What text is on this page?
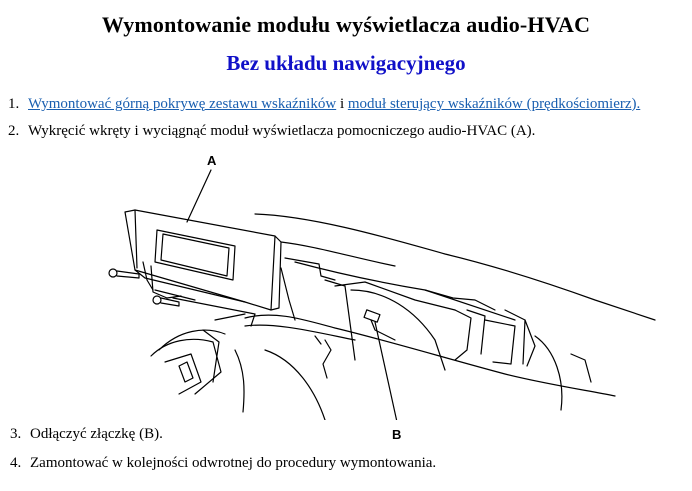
Wymontowanie modułu wyświetlacza audio-HVAC
Bez układu nawigacyjnego
1. Wymontować górną pokrywę zestawu wskaźników i moduł sterujący wskaźników (prędkościomierz).
2. Wykręcić wkręty i wyciągnąć moduł wyświetlacza pomocniczego audio-HVAC (A).
A
B
3. Odłączyć złączkę (B).
4. Zamontować w kolejności odwrotnej do procedury wymontowania.
